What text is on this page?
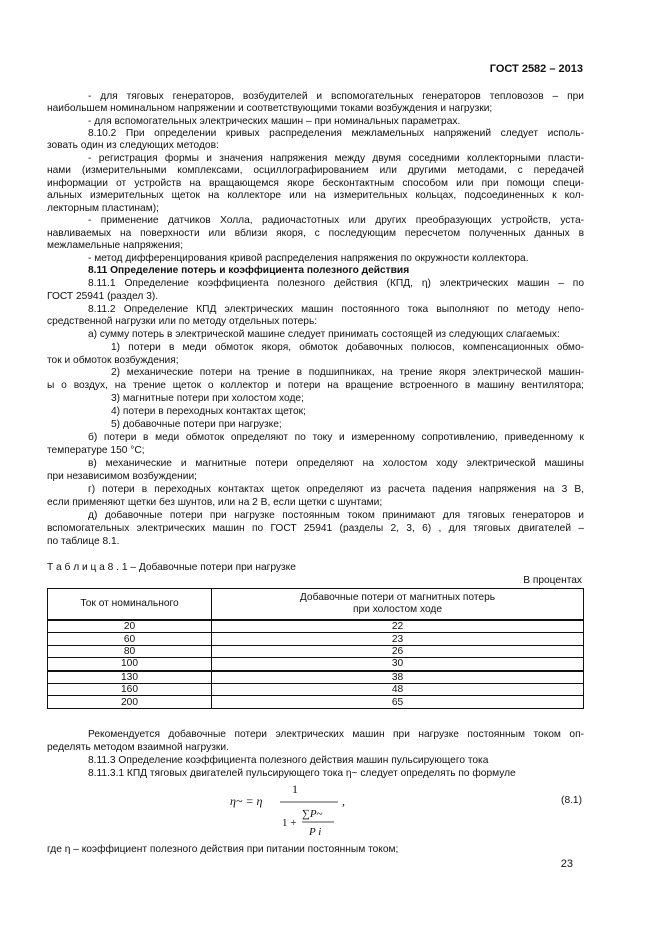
ГОСТ 2582 – 2013
- для тяговых генераторов, возбудителей и вспомогательных генераторов тепловозов – при
наибольшем номинальном напряжении и соответствующими токами возбуждения и нагрузки;
- для вспомогательных электрических машин – при номинальных параметрах.
8.10.2 При определении кривых распределения межламельных напряжений следует исполь-
зовать один из следующих методов:
- регистрация формы и значения напряжения между двумя соседними коллекторными пласти-
нами (измерительными комплексами, осциллографированием или другими методами, с передачей
информации от устройств на вращающемся якоре бесконтактным способом или при помощи специ-
альных измерительных щеток на коллекторе или на измерительных кольцах, подсоединенных к кол-
лекторным пластинам);
- применение датчиков Холла, радиочастотных или других преобразующих устройств, уста-
навливаемых на поверхности или вблизи якоря, с последующим пересчетом полученных данных в
межламельные напряжения;
- метод дифференцирования кривой распределения напряжения по окружности коллектора.
8.11 Определение потерь и коэффициента полезного действия
8.11.1 Определение коэффициента полезного действия (КПД, η) электрических машин – по
ГОСТ 25941 (раздел 3).
8.11.2 Определение КПД электрических машин постоянного тока выполняют по методу непо-
средственной нагрузки или по методу отдельных потерь:
а) сумму потерь в электрической машине следует принимать состоящей из следующих слагаемых:
1) потери в меди обмоток якоря, обмоток добавочных полюсов, компенсационных обмо-
ток и обмоток возбуждения;
2) механические потери на трение в подшипниках, на трение якоря электрической машин-
ы о воздух, на трение щеток о коллектор и потери на вращение встроенного в машину вентилятора;
3) магнитные потери при холостом ходе;
4) потери в переходных контактах щеток;
5) добавочные потери при нагрузке;
б) потери в меди обмоток определяют по току и измеренному сопротивлению, приведенному к
температуре 150 °С;
в) механические и магнитные потери определяют на холостом ходу электрической машины
при независимом возбуждении;
г) потери в переходных контактах щеток определяют из расчета падения напряжения на 3 В,
если применяют щетки без шунтов, или на 2 В, если щетки с шунтами;
д) добавочные потери при нагрузке постоянным током принимают для тяговых генераторов и
вспомогательных электрических машин по ГОСТ 25941 (разделы 2, 3, 6) , для тяговых двигателей –
по таблице 8.1.
Т а б л и ц а 8 . 1 – Добавочные потери при нагрузке
В процентах
Ток от номинального	Добавочные потери от магнитных потерь
при холостом ходе
20	22
60	23
80	26
100	30
130	38
160	48
200	65
Рекомендуется добавочные потери электрических машин при нагрузке постоянным током оп-
ределять методом взаимной нагрузки.
8.11.3 Определение коэффициента полезного действия машин пульсирующего тока
8.11.3.1 КПД тяговых двигателей пульсирующего тока η~ следует определять по формуле
η~ = η
1
1 +
∑P~
P i
,	(8.1)
где η – коэффициент полезного действия при питании постоянным током;
23
